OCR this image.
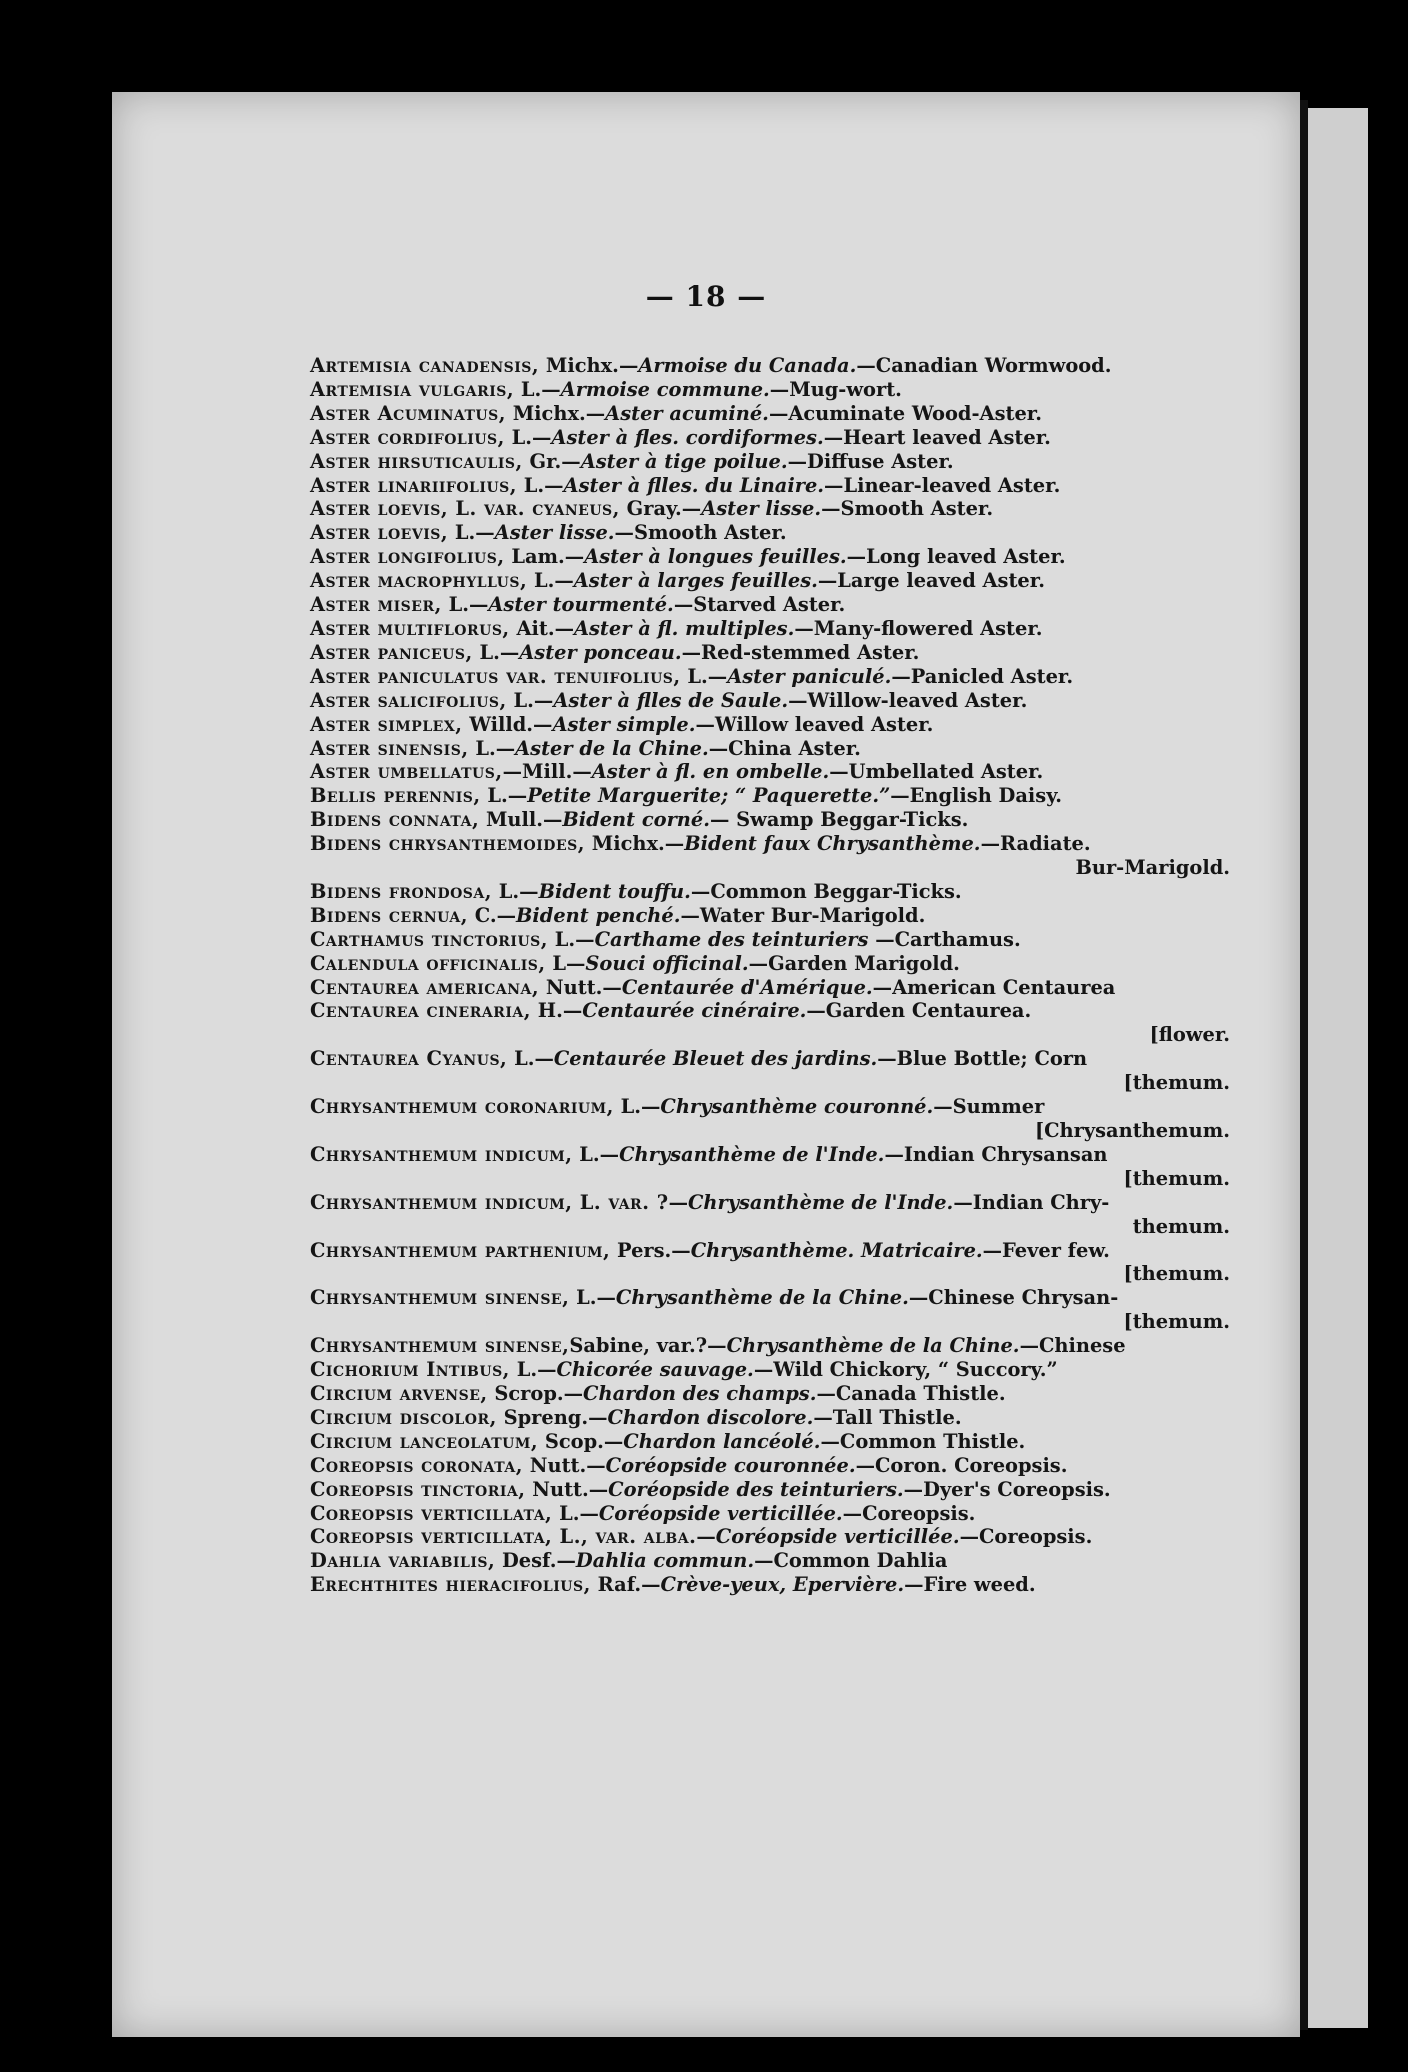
— 18 —
Artemisia canadensis, Michx.—Armoise du Canada.—Canadian Wormwood.
Artemisia vulgaris, L.—Armoise commune.—Mug-wort.
Aster Acuminatus, Michx.—Aster acuminé.—Acuminate Wood-Aster.
Aster cordifolius, L.—Aster à fles. cordiformes.—Heart leaved Aster.
Aster hirsuticaulis, Gr.—Aster à tige poilue.—Diffuse Aster.
Aster linariifolius, L.—Aster à flles. du Linaire.—Linear-leaved Aster.
Aster loevis, L. var. cyaneus, Gray.—Aster lisse.—Smooth Aster.
Aster loevis, L.—Aster lisse.—Smooth Aster.
Aster longifolius, Lam.—Aster à longues feuilles.—Long leaved Aster.
Aster macrophyllus, L.—Aster à larges feuilles.—Large leaved Aster.
Aster miser, L.—Aster tourmenté.—Starved Aster.
Aster multiflorus, Ait.—Aster à fl. multiples.—Many-flowered Aster.
Aster paniceus, L.—Aster ponceau.—Red-stemmed Aster.
Aster paniculatus var. tenuifolius, L.—Aster paniculé.—Panicled Aster.
Aster salicifolius, L.—Aster à flles de Saule.—Willow-leaved Aster.
Aster simplex, Willd.—Aster simple.—Willow leaved Aster.
Aster sinensis, L.—Aster de la Chine.—China Aster.
Aster umbellatus,—Mill.—Aster à fl. en ombelle.—Umbellated Aster.
Bellis perennis, L.—Petite Marguerite; “ Paquerette.”—English Daisy.
Bidens connata, Mull.—Bident corné.— Swamp Beggar-Ticks.
Bidens chrysanthemoides, Michx.—Bident faux Chrysanthème.—Radiate.
Bur-Marigold.
Bidens frondosa, L.—Bident touffu.—Common Beggar-Ticks.
Bidens cernua, C.—Bident penché.—Water Bur-Marigold.
Carthamus tinctorius, L.—Carthame des teinturiers —Carthamus.
Calendula officinalis, L—Souci officinal.—Garden Marigold.
Centaurea americana, Nutt.—Centaurée d'Amérique.—American Centaurea
Centaurea cineraria, H.—Centaurée cinéraire.—Garden Centaurea.
[flower.
Centaurea Cyanus, L.—Centaurée Bleuet des jardins.—Blue Bottle; Corn
[themum.
Chrysanthemum coronarium, L.—Chrysanthème couronné.—Summer
[Chrysanthemum.
Chrysanthemum indicum, L.—Chrysanthème de l'Inde.—Indian Chrysansan
[themum.
Chrysanthemum indicum, L. var. ?—Chrysanthème de l'Inde.—Indian Chry-
themum.
Chrysanthemum parthenium, Pers.—Chrysanthème. Matricaire.—Fever few.
[themum.
Chrysanthemum sinense, L.—Chrysanthème de la Chine.—Chinese Chrysan-
[themum.
Chrysanthemum sinense,Sabine, var.?—Chrysanthème de la Chine.—Chinese
Cichorium Intibus, L.—Chicorée sauvage.—Wild Chickory, “ Succory.”
Circium arvense, Scrop.—Chardon des champs.—Canada Thistle.
Circium discolor, Spreng.—Chardon discolore.—Tall Thistle.
Circium lanceolatum, Scop.—Chardon lancéolé.—Common Thistle.
Coreopsis coronata, Nutt.—Coréopside couronnée.—Coron. Coreopsis.
Coreopsis tinctoria, Nutt.—Coréopside des teinturiers.—Dyer's Coreopsis.
Coreopsis verticillata, L.—Coréopside verticillée.—Coreopsis.
Coreopsis verticillata, L., var. alba.—Coréopside verticillée.—Coreopsis.
Dahlia variabilis, Desf.—Dahlia commun.—Common Dahlia
Erechthites hieracifolius, Raf.—Crève-yeux, Epervière.—Fire weed.
